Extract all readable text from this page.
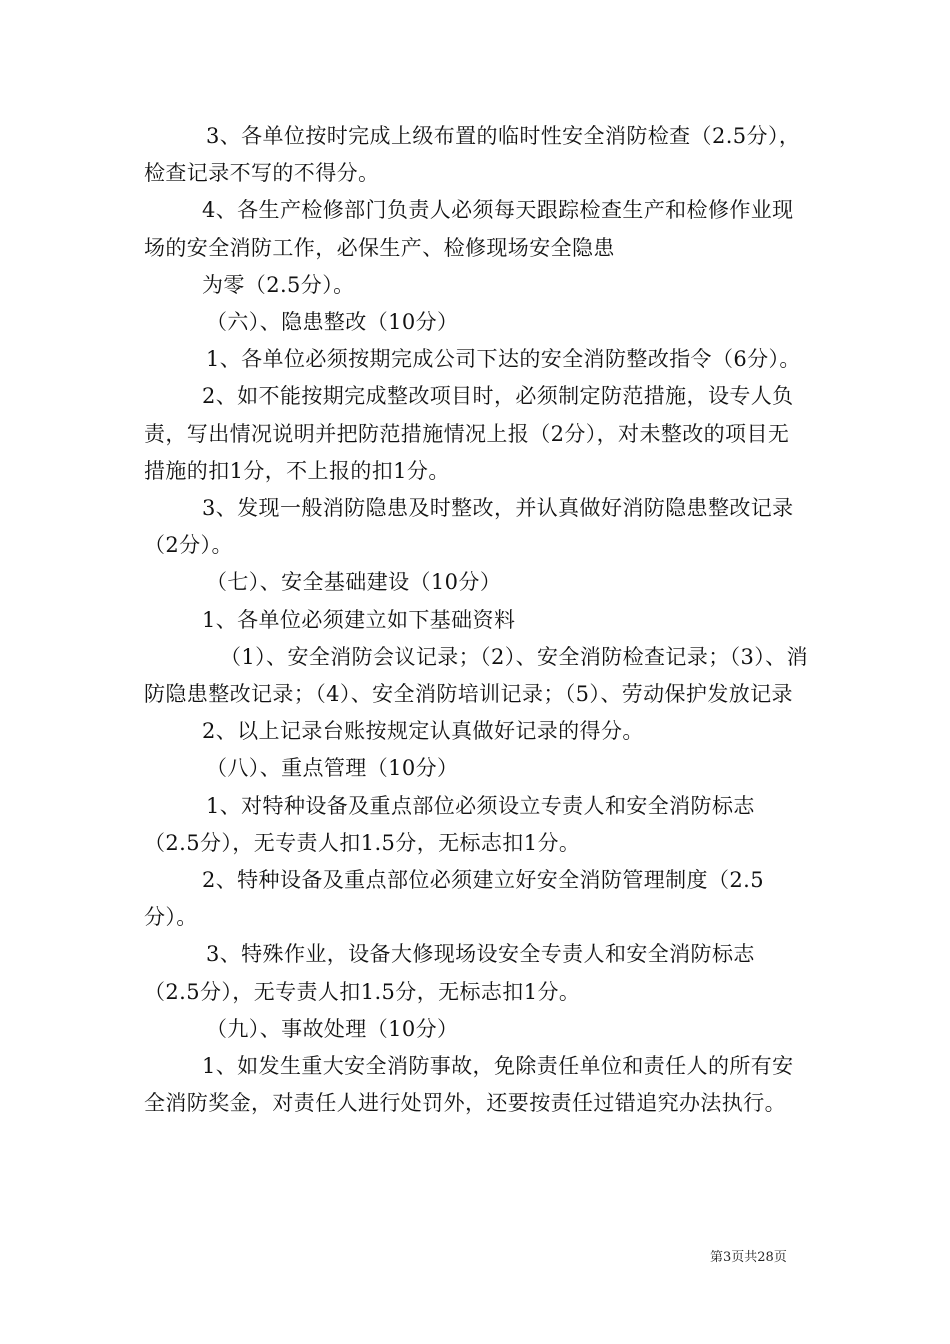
3、各单位按时完成上级布置的临时性安全消防检查（2.5分），检查记录不写的不得分。

4、各生产检修部门负责人必须每天跟踪检查生产和检修作业现场的安全消防工作，必保生产、检修现场安全隐患

为零（2.5分）。

（六）、隐患整改（10分）

1、各单位必须按期完成公司下达的安全消防整改指令（6分）。

2、如不能按期完成整改项目时，必须制定防范措施，设专人负责，写出情况说明并把防范措施情况上报（2分），对未整改的项目无措施的扣1分，不上报的扣1分。

3、发现一般消防隐患及时整改，并认真做好消防隐患整改记录（2分）。

（七）、安全基础建设（10分）

1、各单位必须建立如下基础资料

（1）、安全消防会议记录；（2）、安全消防检查记录；（3）、消防隐患整改记录；（4）、安全消防培训记录；（5）、劳动保护发放记录

2、以上记录台账按规定认真做好记录的得分。

（八）、重点管理（10分）

1、对特种设备及重点部位必须设立专责人和安全消防标志（2.5分），无专责人扣1.5分，无标志扣1分。

2、特种设备及重点部位必须建立好安全消防管理制度（2.5分）。

3、特殊作业，设备大修现场设安全专责人和安全消防标志（2.5分），无专责人扣1.5分，无标志扣1分。

（九）、事故处理（10分）

1、如发生重大安全消防事故，免除责任单位和责任人的所有安全消防奖金，对责任人进行处罚外，还要按责任过错追究办法执行。

第3页共28页
